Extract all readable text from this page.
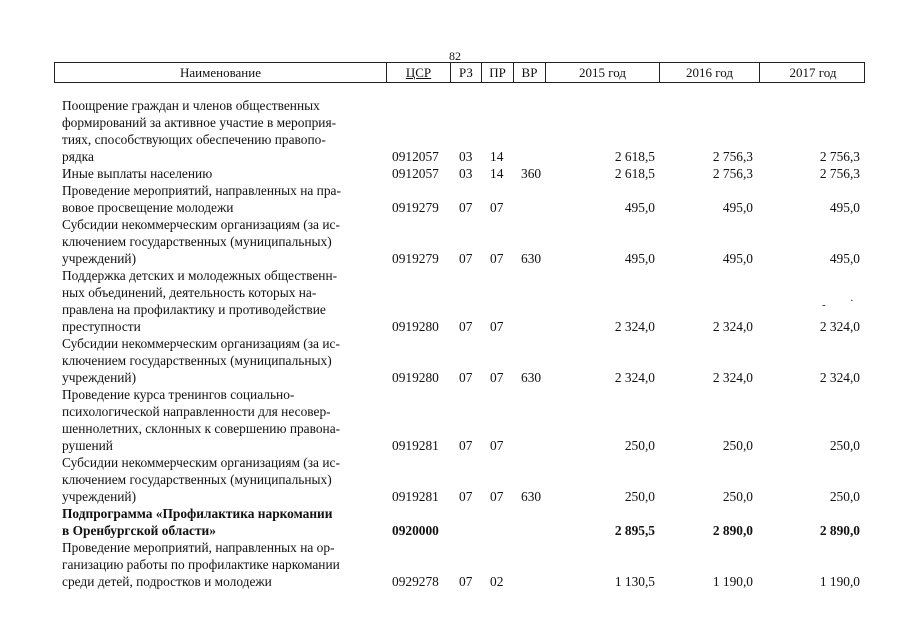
82
Наименование	ЦСР	РЗ	ПР	ВР	2015 год	2016 год	2017 год
Поощрение граждан и членов общественных
формирований за активное участие в мероприя-
тиях, способствующих обеспечению правопо-
рядка	0912057 03 14	2 618,5	2 756,3	2 756,3
Иные выплаты населению	0912057 03 14 360	2 618,5	2 756,3	2 756,3
Проведение мероприятий, направленных на пра-
вовое просвещение молодежи	0919279 07 07	495,0	495,0	495,0
Субсидии некоммерческим организациям (за ис-
ключением государственных (муниципальных)
учреждений)	0919279 07 07 630	495,0	495,0	495,0
Поддержка детских и молодежных общественн-
ных объединений, деятельность которых на-
правлена на профилактику и противодействие
преступности	0919280 07 07	2 324,0	2 324,0	2 324,0
Субсидии некоммерческим организациям (за ис-
ключением государственных (муниципальных)
учреждений)	0919280 07 07 630	2 324,0	2 324,0	2 324,0
Проведение курса тренингов социально-
психологической направленности для несовер-
шеннолетних, склонных к совершению правона-
рушений	0919281 07 07	250,0	250,0	250,0
Субсидии некоммерческим организациям (за ис-
ключением государственных (муниципальных)
учреждений)	0919281 07 07 630	250,0	250,0	250,0
Подпрограмма «Профилактика наркомании
в Оренбургской области»	0920000	2 895,5	2 890,0	2 890,0
Проведение мероприятий, направленных на ор-
ганизацию работы по профилактике наркомании
среди детей, подростков и молодежи	0929278 07 02	1 130,5	1 190,0	1 190,0
- ·
